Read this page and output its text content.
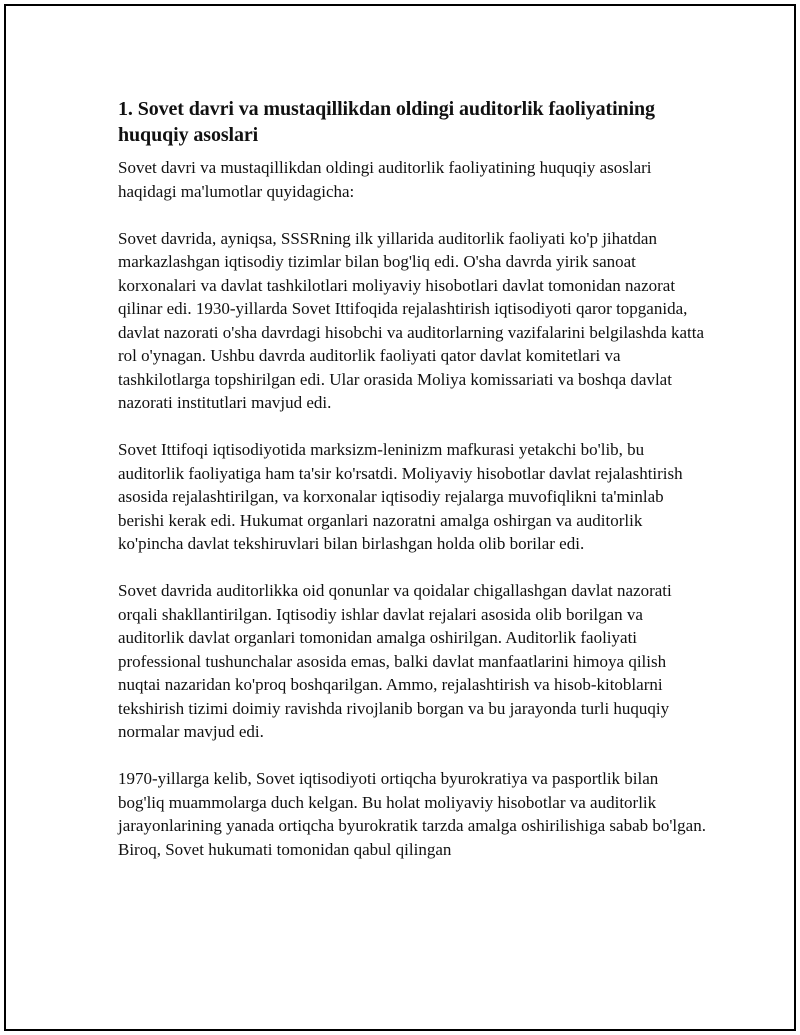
1. Sovet davri va mustaqillikdan oldingi auditorlik faoliyatining huquqiy asoslari

Sovet davri va mustaqillikdan oldingi auditorlik faoliyatining huquqiy asoslari haqidagi ma'lumotlar quyidagicha:

Sovet davrida, ayniqsa, SSSRning ilk yillarida auditorlik faoliyati ko'p jihatdan markazlashgan iqtisodiy tizimlar bilan bog'liq edi. O'sha davrda yirik sanoat korxonalari va davlat tashkilotlari moliyaviy hisobotlari davlat tomonidan nazorat qilinar edi. 1930-yillarda Sovet Ittifoqida rejalashtirish iqtisodiyoti qaror topganida, davlat nazorati o'sha davrdagi hisobchi va auditorlarning vazifalarini belgilashda katta rol o'ynagan. Ushbu davrda auditorlik faoliyati qator davlat komitetlari va tashkilotlarga topshirilgan edi. Ular orasida Moliya komissariati va boshqa davlat nazorati institutlari mavjud edi.

Sovet Ittifoqi iqtisodiyotida marksizm-leninizm mafkurasi yetakchi bo'lib, bu auditorlik faoliyatiga ham ta'sir ko'rsatdi. Moliyaviy hisobotlar davlat rejalashtirish asosida rejalashtirilgan, va korxonalar iqtisodiy rejalarga muvofiqlikni ta'minlab berishi kerak edi. Hukumat organlari nazoratni amalga oshirgan va auditorlik ko'pincha davlat tekshiruvlari bilan birlashgan holda olib borilar edi.

Sovet davrida auditorlikka oid qonunlar va qoidalar chigallashgan davlat nazorati orqali shakllantirilgan. Iqtisodiy ishlar davlat rejalari asosida olib borilgan va auditorlik davlat organlari tomonidan amalga oshirilgan. Auditorlik faoliyati professional tushunchalar asosida emas, balki davlat manfaatlarini himoya qilish nuqtai nazaridan ko'proq boshqarilgan. Ammo, rejalashtirish va hisob-kitoblarni tekshirish tizimi doimiy ravishda rivojlanib borgan va bu jarayonda turli huquqiy normalar mavjud edi.

1970-yillarga kelib, Sovet iqtisodiyoti ortiqcha byurokratiya va pasportlik bilan bog'liq muammolarga duch kelgan. Bu holat moliyaviy hisobotlar va auditorlik jarayonlarining yanada ortiqcha byurokratik tarzda amalga oshirilishiga sabab bo'lgan. Biroq, Sovet hukumati tomonidan qabul qilingan
